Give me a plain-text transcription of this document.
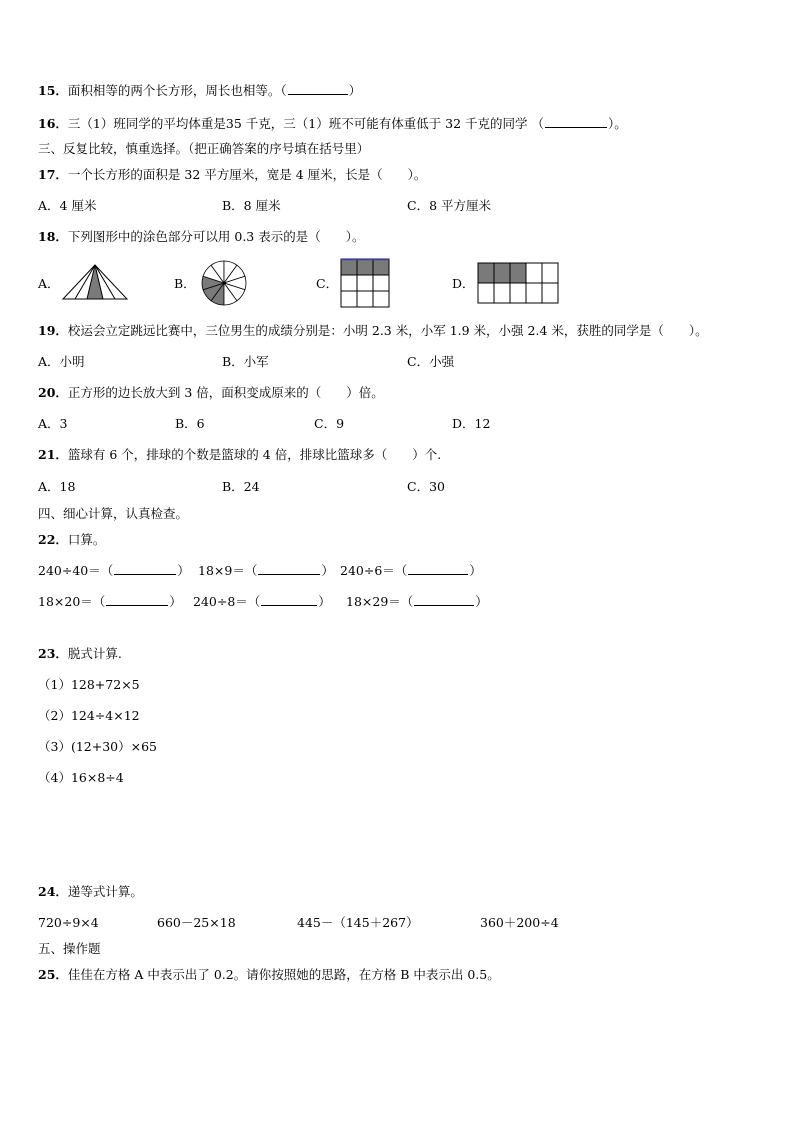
15．面积相等的两个长方形，周长也相等。（	）
16．三（1）班同学的平均体重是35 千克，三（1）班不可能有体重低于 32 千克的同学 （	）。
三、反复比较，慎重选择。（把正确答案的序号填在括号里）
17．一个长方形的面积是 32 平方厘米，宽是 4 厘米，长是（　　）。
A．4 厘米	B．8 厘米	C．8 平方厘米
18．下列图形中的涂色部分可以用 0.3 表示的是（　　）。
A．	B．	C．	D．
19．校运会立定跳远比赛中，三位男生的成绩分别是：小明 2.3 米，小军 1.9 米，小强 2.4 米，获胜的同学是（　　）。
A．小明	B．小军	C．小强
20．正方形的边长放大到 3 倍，面积变成原来的（　　）倍。
A．3	B．6	C．9	D．12
21．篮球有 6 个，排球的个数是篮球的 4 倍，排球比篮球多（　　）个.
A．18	B．24	C．30
四、细心计算，认真检查。
22．口算。
240÷40＝（	） 18×9＝（	） 240÷6＝（	）
18×20＝（	） 240÷8＝（	） 18×29＝（	）
23．脱式计算.
（1）128+72×5
（2）124÷4×12
（3）(12+30）×65
（4）16×8÷4
24．递等式计算。
720÷9×4	660－25×18	445－（145＋267）	360＋200÷4
五、操作题
25．佳佳在方格 A 中表示出了 0.2。请你按照她的思路，在方格 B 中表示出 0.5。
